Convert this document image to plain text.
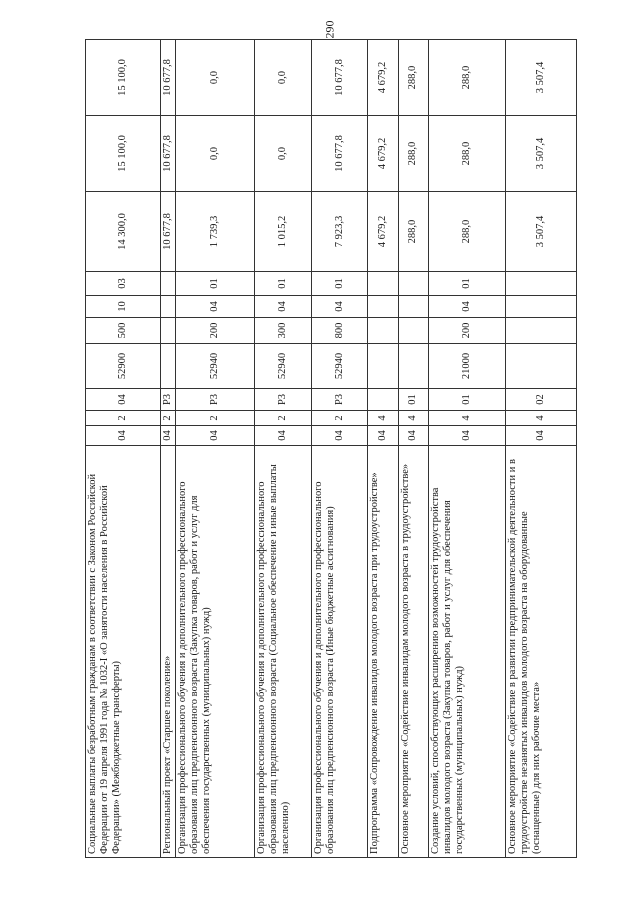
290
Социальные выплаты безработным гражданам в соответствии с Законом Российской Федерации от 19 апреля 1991 года № 1032-I «О занятости населения в Российской Федерации» (Межбюджетные трансферты)	04	2	04	52900	500	10	03	14 300,0	15 100,0	15 100,0
Региональный проект «Старшее поколение»	04	2	P3					10 677,8	10 677,8	10 677,8
Организация профессионального обучения и дополнительного профессионального образования лиц предпенсионного возраста (Закупка товаров, работ и услуг для обеспечения государственных (муниципальных) нужд)	04	2	P3	52940	200	04	01	1 739,3	0,0	0,0
Организация профессионального обучения и дополнительного профессионального образования лиц предпенсионного возраста (Социальное обеспечение и иные выплаты населению)	04	2	P3	52940	300	04	01	1 015,2	0,0	0,0
Организация профессионального обучения и дополнительного профессионального образования лиц предпенсионного возраста (Иные бюджетные ассигнования)	04	2	P3	52940	800	04	01	7 923,3	10 677,8	10 677,8
Подпрограмма «Сопровождение инвалидов молодого возраста при трудоустройстве»	04	4						4 679,2	4 679,2	4 679,2
Основное мероприятие «Содействие инвалидам молодого возраста в трудоустройстве»	04	4	01					288,0	288,0	288,0
Создание условий, способствующих расширению возможностей трудоустройства инвалидов молодого возраста (Закупка товаров, работ и услуг для обеспечения государственных (муниципальных) нужд)	04	4	01	21000	200	04	01	288,0	288,0	288,0
Основное мероприятие «Содействие в развитии предпринимательской деятельности и в трудоустройстве незанятых инвалидов молодого возраста на оборудованные (оснащенные) для них рабочие места»	04	4	02					3 507,4	3 507,4	3 507,4
